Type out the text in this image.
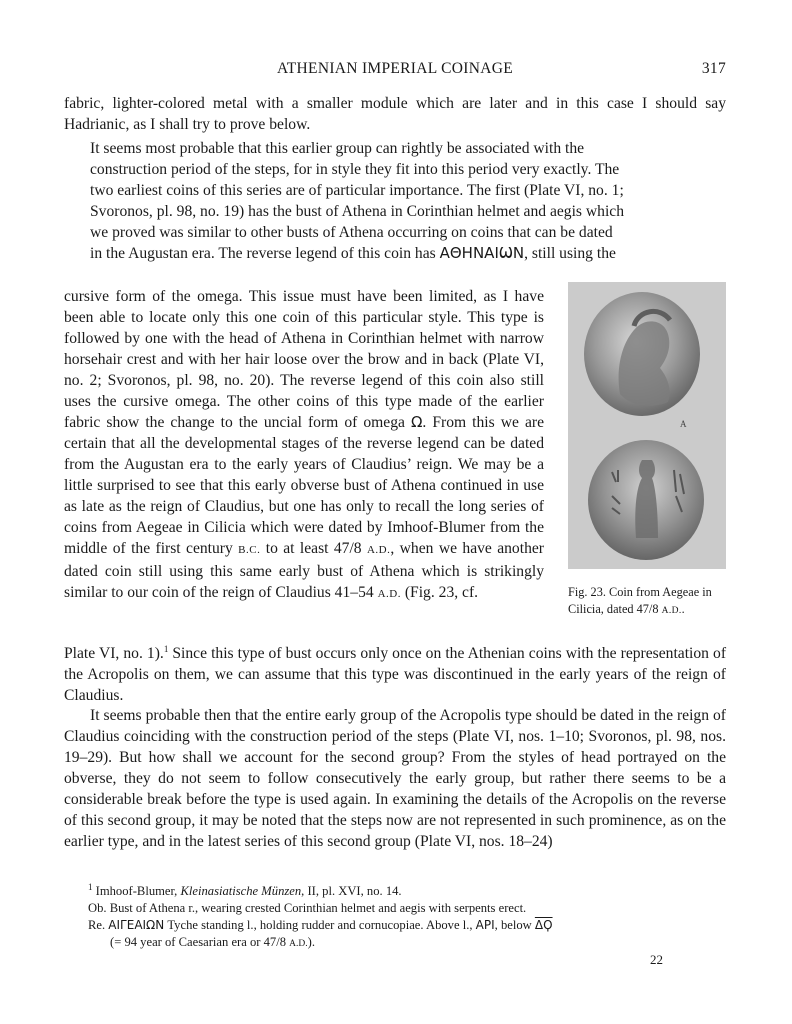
ATHENIAN IMPERIAL COINAGE	317

fabric, lighter-colored metal with a smaller module which are later and in this case I should say Hadrianic, as I shall try to prove below.

It seems most probable that this earlier group can rightly be associated with the
construction period of the steps, for in style they fit into this period very exactly. The
two earliest coins of this series are of particular importance. The first (Plate VI, no. 1;
Svoronos, pl. 98, no. 19) has the bust of Athena in Corinthian helmet and aegis which
we proved was similar to other busts of Athena occurring on coins that can be dated
in the Augustan era. The reverse legend of this coin has ΑΘΗΝΑΙѠΝ, still using the

cursive form of the omega. This issue must have been limited, as I have been able to locate only this one coin of this particular style. This type is followed by one with the head of Athena in Corinthian helmet with narrow horsehair crest and with her hair loose over the brow and in back (Plate VI, no. 2; Svoronos, pl. 98, no. 20). The reverse legend of this coin also still uses the cursive omega. The other coins of this type made of the earlier fabric show the change to the uncial form of omega Ω. From this we are certain that all the developmental stages of the reverse legend can be dated from the Augustan era to the early years of Claudius’ reign. We may be a little surprised to see that this early obverse bust of Athena continued in use as late as the reign of Claudius, but one has only to recall the long series of coins from Aegeae in Cilicia which were dated by Imhoof-Blumer from the middle of the first century B.C. to at least 47/8 A.D., when we have another dated coin still using this same early bust of Athena which is strikingly similar to our coin of the reign of Claudius 41–54 A.D. (Fig. 23, cf.

Plate VI, no. 1).$^1$ Since this type of bust occurs only once on the Athenian coins with the representation of the Acropolis on them, we can assume that this type was discontinued in the early years of the reign of Claudius.

It seems probable then that the entire early group of the Acropolis type should be dated in the reign of Claudius coinciding with the construction period of the steps (Plate VI, nos. 1–10; Svoronos, pl. 98, nos. 19–29). But how shall we account for the second group? From the styles of head portrayed on the obverse, they do not seem to follow consecutively the early group, but rather there seems to be a considerable break before the type is used again. In examining the details of the Acropolis on the reverse of this second group, it may be noted that the steps now are not represented in such prominence, as on the earlier type, and in the latest series of this second group (Plate VI, nos. 18–24)

A
Fig. 23. Coin from Aegeae in Cilicia, dated 47/8 A.D..

$^1$ Imhoof-Blumer, Kleinasiatische Münzen, II, pl. XVI, no. 14.

Ob. Bust of Athena r., wearing crested Corinthian helmet and aegis with serpents erect.

Re. ΑΙΓΕΑΙΩΝ Tyche standing l., holding rudder and cornucopiae. Above l., ΑΡΙ, below $\overline{\Delta Ϙ}$

(= 94 year of Caesarian era or 47/8 A.D.).

22
